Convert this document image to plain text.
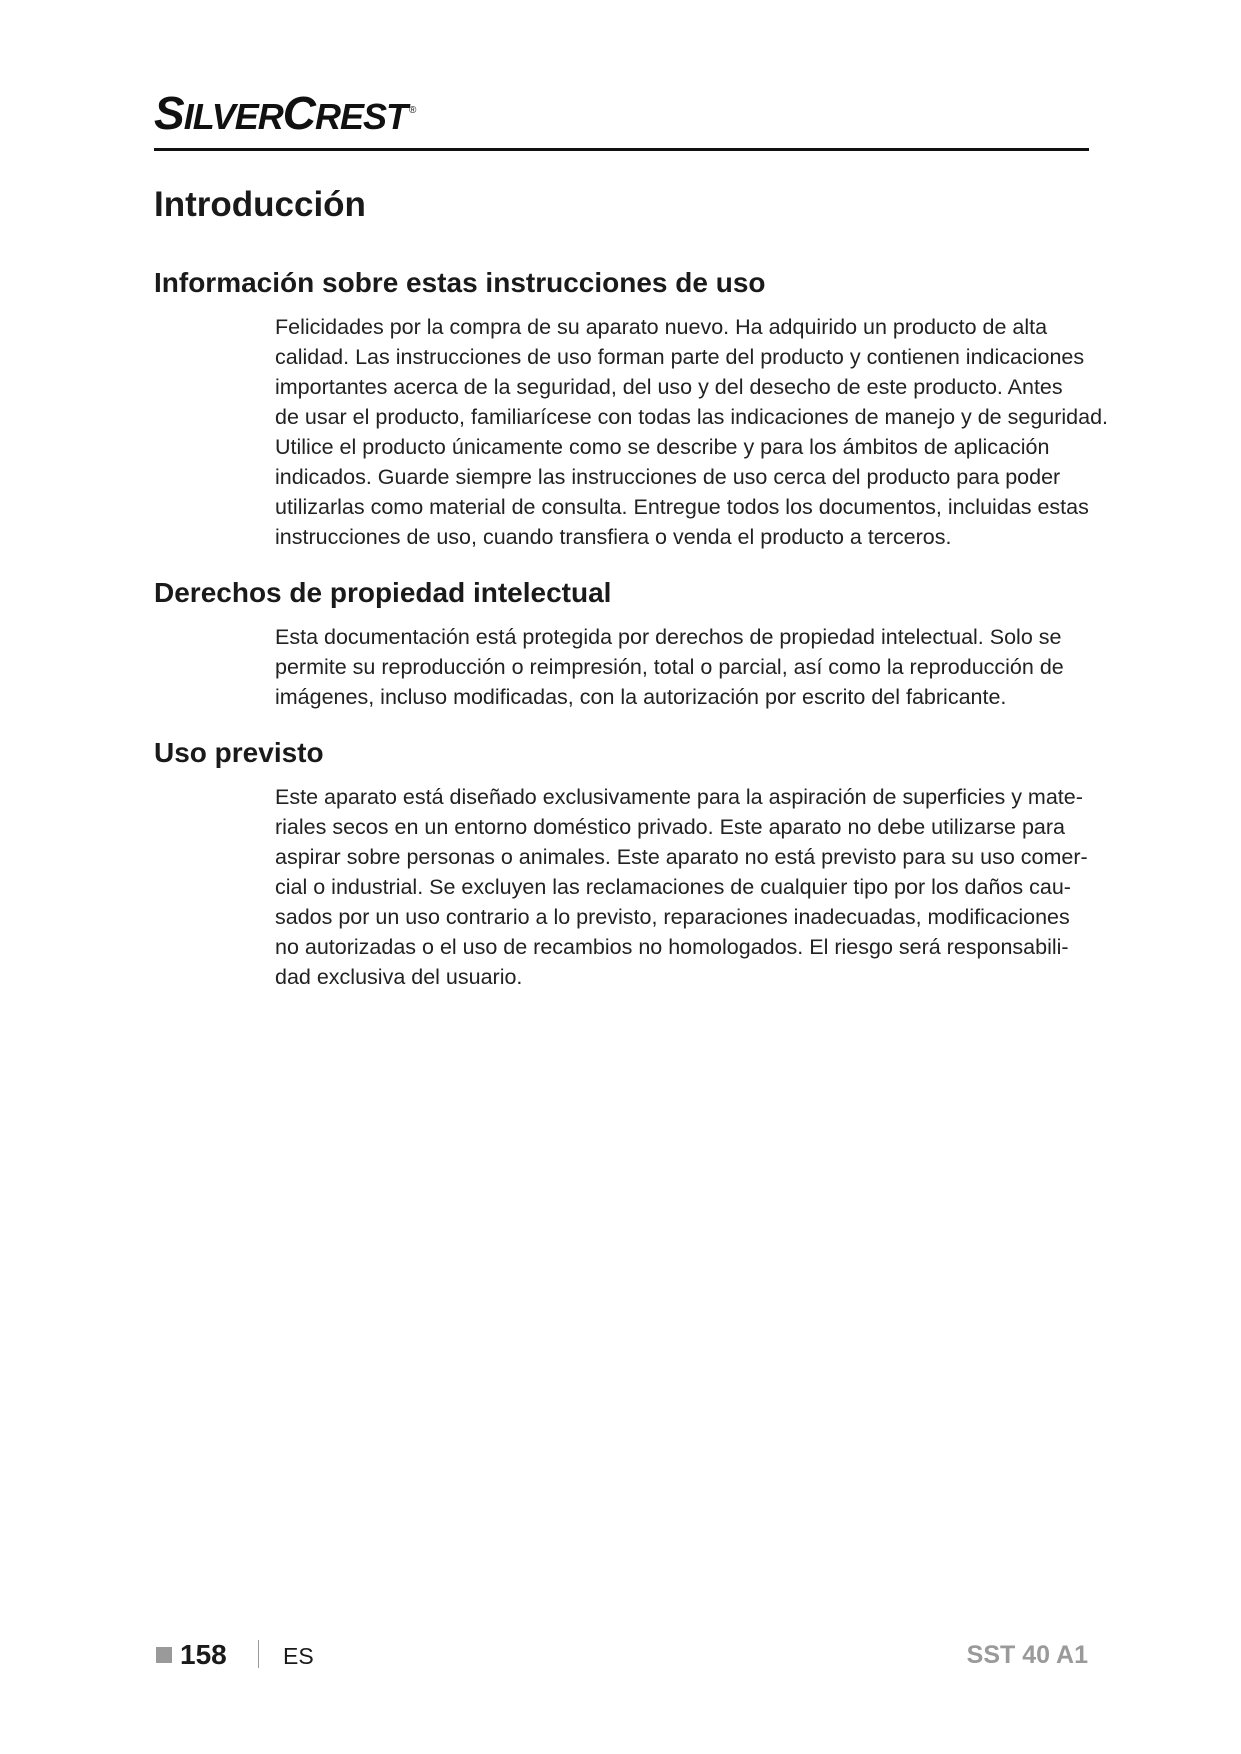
SILVERCREST ®
Introducción
Información sobre estas instrucciones de uso
Felicidades por la compra de su aparato nuevo. Ha adquirido un producto de alta
calidad. Las instrucciones de uso forman parte del producto y contienen indicaciones
importantes acerca de la seguridad, del uso y del desecho de este producto. Antes
de usar el producto, familiarícese con todas las indicaciones de manejo y de seguridad.
Utilice el producto únicamente como se describe y para los ámbitos de aplicación
indicados. Guarde siempre las instrucciones de uso cerca del producto para poder
utilizarlas como material de consulta. Entregue todos los documentos, incluidas estas
instrucciones de uso, cuando transfiera o venda el producto a terceros.
Derechos de propiedad intelectual
Esta documentación está protegida por derechos de propiedad intelectual. Solo se
permite su reproducción o reimpresión, total o parcial, así como la reproducción de
imágenes, incluso modificadas, con la autorización por escrito del fabricante.
Uso previsto
Este aparato está diseñado exclusivamente para la aspiración de superficies y mate-
riales secos en un entorno doméstico privado. Este aparato no debe utilizarse para
aspirar sobre personas o animales. Este aparato no está previsto para su uso comer-
cial o industrial. Se excluyen las reclamaciones de cualquier tipo por los daños cau-
sados por un uso contrario a lo previsto, reparaciones inadecuadas, modificaciones
no autorizadas o el uso de recambios no homologados. El riesgo será responsabili-
dad exclusiva del usuario.
158 ES	SST 40 A1
